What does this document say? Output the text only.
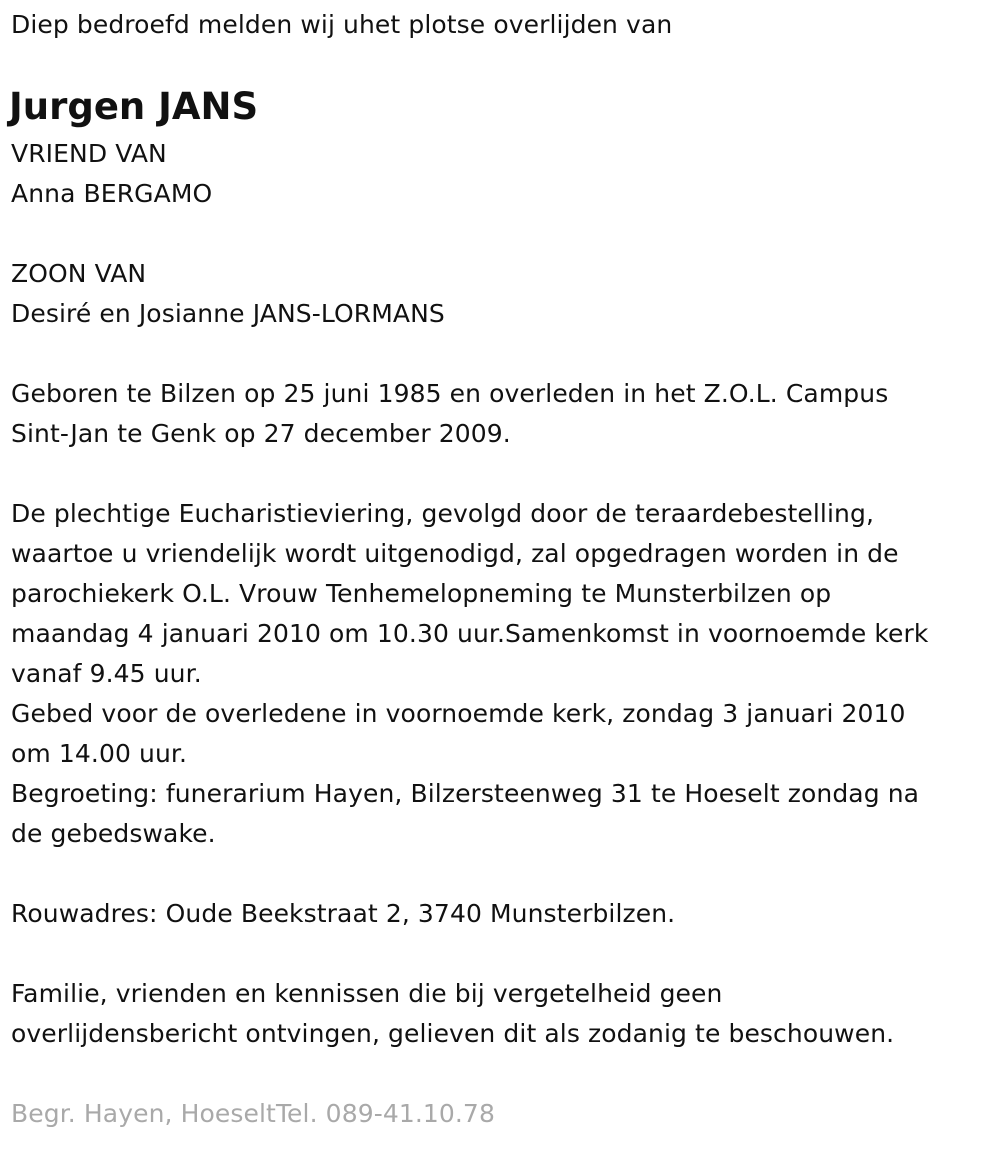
Diep bedroefd melden wij uhet plotse overlijden van

Jurgen JANS

VRIEND VAN

Anna BERGAMO

ZOON VAN

Desiré en Josianne JANS-LORMANS

Geboren te Bilzen op 25 juni 1985 en overleden in het Z.O.L. Campus

Sint-Jan te Genk op 27 december 2009.

De plechtige Eucharistieviering, gevolgd door de teraardebestelling,

waartoe u vriendelijk wordt uitgenodigd, zal opgedragen worden in de

parochiekerk O.L. Vrouw Tenhemelopneming te Munsterbilzen op

maandag 4 januari 2010 om 10.30 uur.Samenkomst in voornoemde kerk

vanaf 9.45 uur.

Gebed voor de overledene in voornoemde kerk, zondag 3 januari 2010

om 14.00 uur.

Begroeting: funerarium Hayen, Bilzersteenweg 31 te Hoeselt zondag na

de gebedswake.

Rouwadres: Oude Beekstraat 2, 3740 Munsterbilzen.

Familie, vrienden en kennissen die bij vergetelheid geen

overlijdensbericht ontvingen, gelieven dit als zodanig te beschouwen.

Begr. Hayen, HoeseltTel. 089-41.10.78
